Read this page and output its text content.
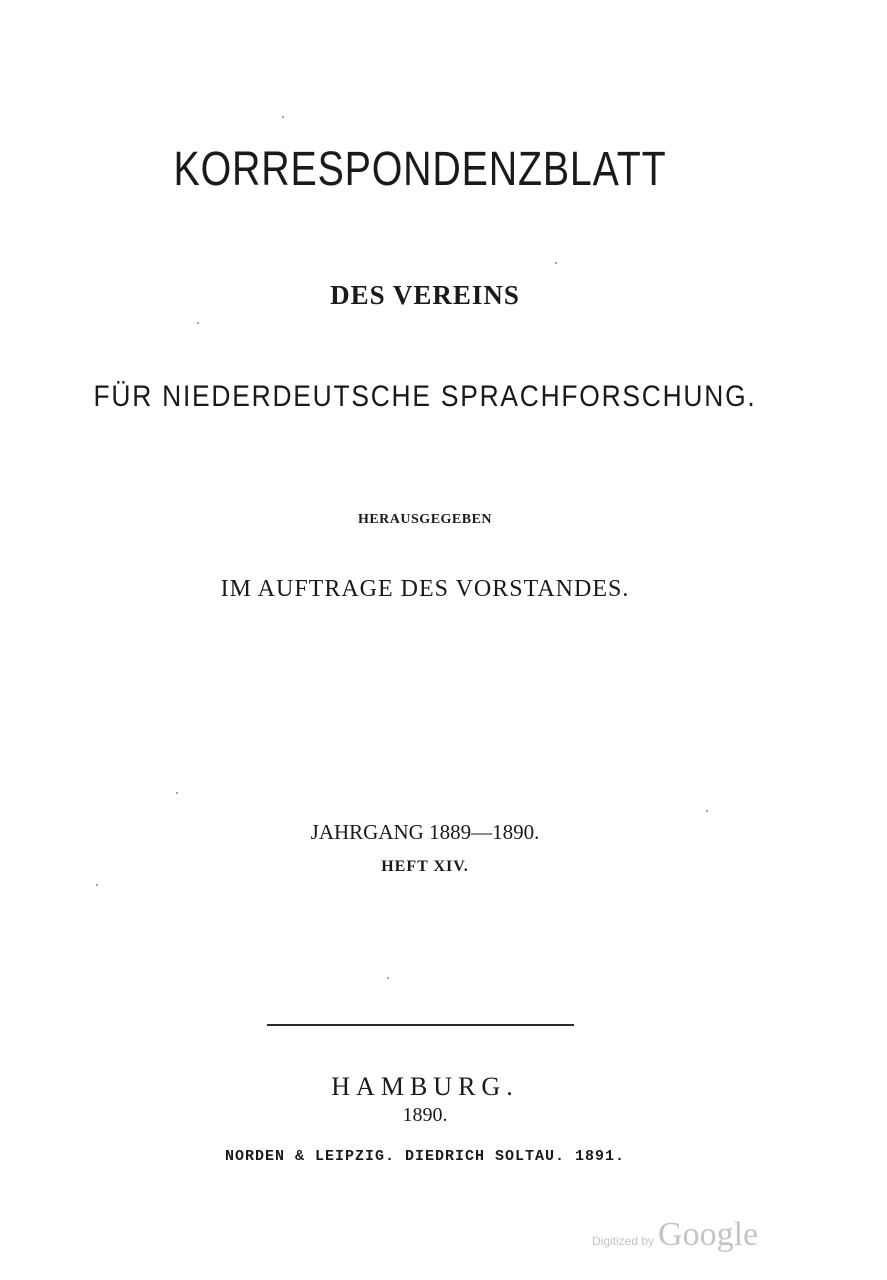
KORRESPONDENZBLATT
DES VEREINS
FÜR NIEDERDEUTSCHE SPRACHFORSCHUNG.
HERAUSGEGEBEN
IM AUFTRAGE DES VORSTANDES.
JAHRGANG 1889—1890.
HEFT XIV.
HAMBURG.
1890.
NORDEN & LEIPZIG. DIEDRICH SOLTAU. 1891.
Digitized by Google
